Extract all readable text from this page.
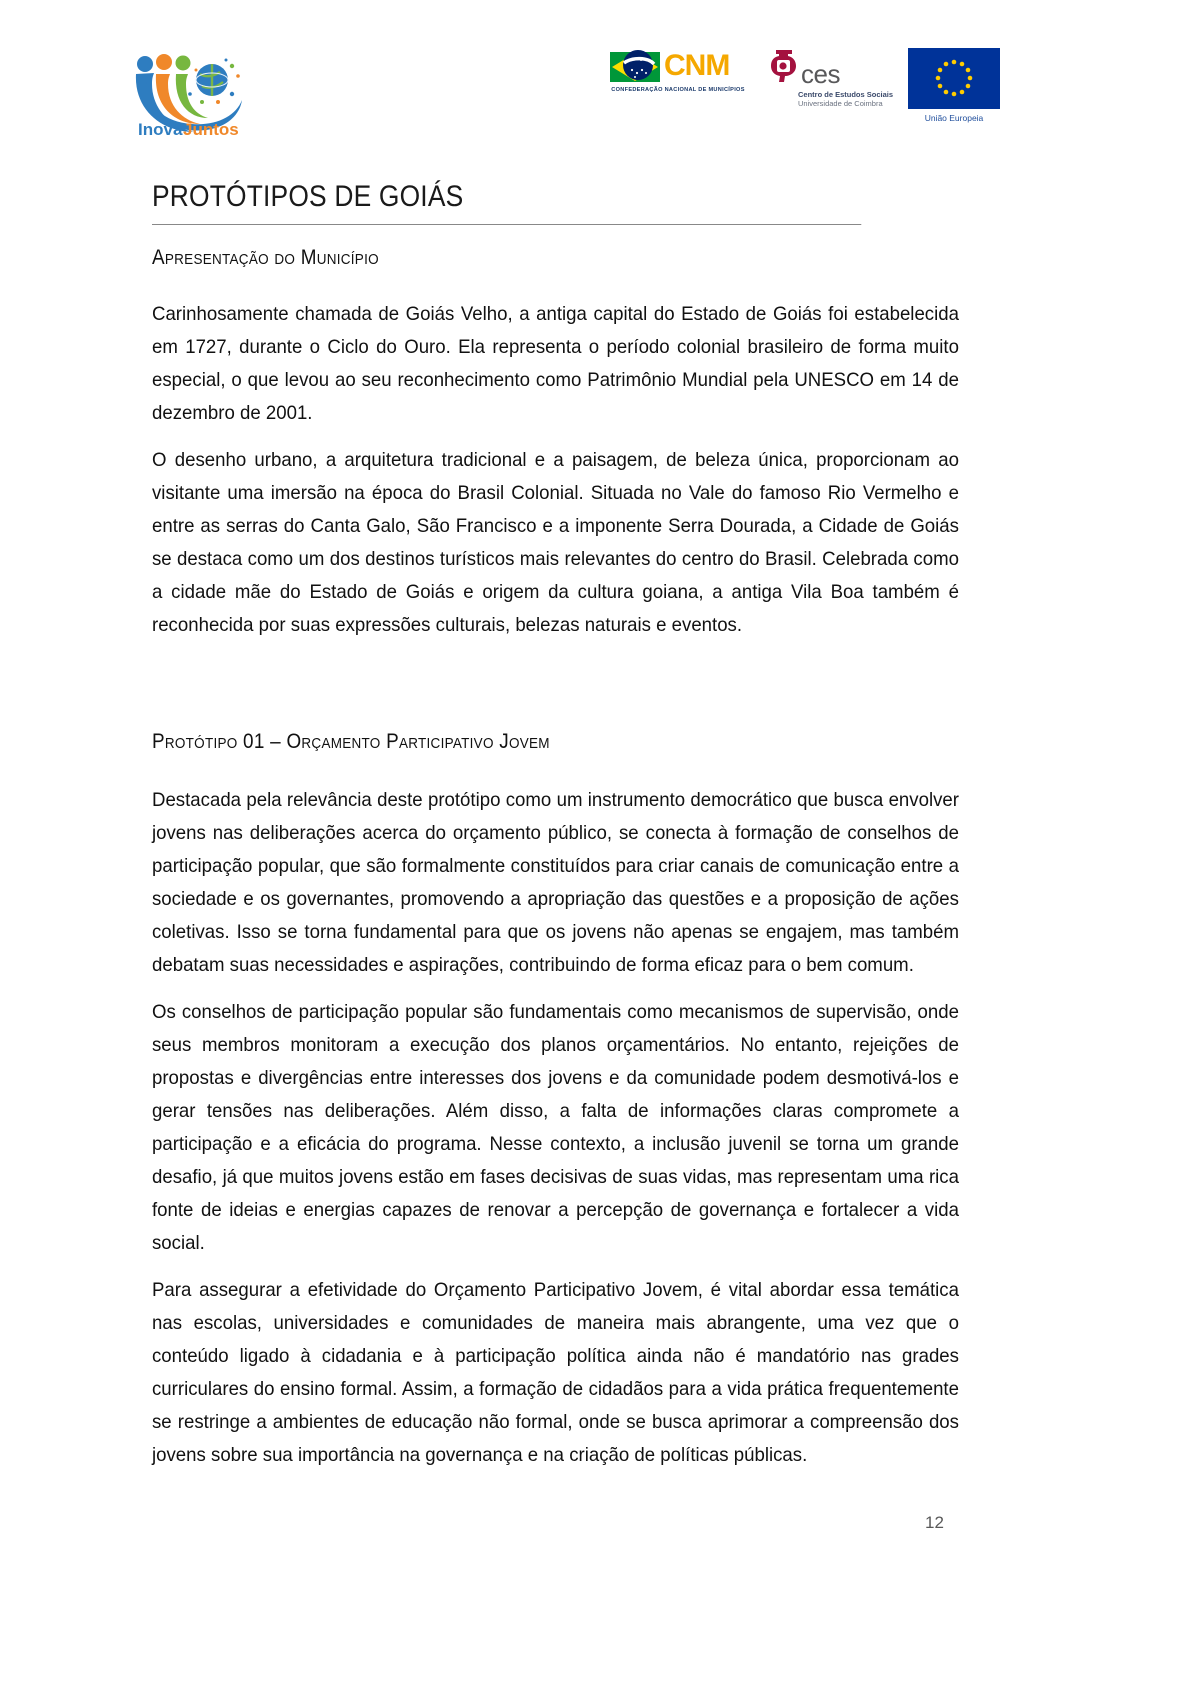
Inova Juntos
CNM
CONFEDERAÇÃO NACIONAL DE MUNICÍPIOS
ces
Centro de Estudos Sociais
Universidade de Coimbra
União Europeia
PROTÓTIPOS DE GOIÁS
Apresentação do Município

Carinhosamente chamada de Goiás Velho, a antiga capital do Estado de Goiás foi estabelecida em 1727, durante o Ciclo do Ouro. Ela representa o período colonial brasileiro de forma muito especial, o que levou ao seu reconhecimento como Patrimônio Mundial pela UNESCO em 14 de dezembro de 2001.

O desenho urbano, a arquitetura tradicional e a paisagem, de beleza única, proporcionam ao visitante uma imersão na época do Brasil Colonial. Situada no Vale do famoso Rio Vermelho e entre as serras do Canta Galo, São Francisco e a imponente Serra Dourada, a Cidade de Goiás se destaca como um dos destinos turísticos mais relevantes do centro do Brasil. Celebrada como a cidade mãe do Estado de Goiás e origem da cultura goiana, a antiga Vila Boa também é reconhecida por suas expressões culturais, belezas naturais e eventos.

Protótipo 01 – Orçamento Participativo Jovem

Destacada pela relevância deste protótipo como um instrumento democrático que busca envolver jovens nas deliberações acerca do orçamento público, se conecta à formação de conselhos de participação popular, que são formalmente constituídos para criar canais de comunicação entre a sociedade e os governantes, promovendo a apropriação das questões e a proposição de ações coletivas. Isso se torna fundamental para que os jovens não apenas se engajem, mas também debatam suas necessidades e aspirações, contribuindo de forma eficaz para o bem comum.

Os conselhos de participação popular são fundamentais como mecanismos de supervisão, onde seus membros monitoram a execução dos planos orçamentários. No entanto, rejeições de propostas e divergências entre interesses dos jovens e da comunidade podem desmotivá-los e gerar tensões nas deliberações. Além disso, a falta de informações claras compromete a participação e a eficácia do programa. Nesse contexto, a inclusão juvenil se torna um grande desafio, já que muitos jovens estão em fases decisivas de suas vidas, mas representam uma rica fonte de ideias e energias capazes de renovar a percepção de governança e fortalecer a vida social.

Para assegurar a efetividade do Orçamento Participativo Jovem, é vital abordar essa temática nas escolas, universidades e comunidades de maneira mais abrangente, uma vez que o conteúdo ligado à cidadania e à participação política ainda não é mandatório nas grades curriculares do ensino formal. Assim, a formação de cidadãos para a vida prática frequentemente se restringe a ambientes de educação não formal, onde se busca aprimorar a compreensão dos jovens sobre sua importância na governança e na criação de políticas públicas.

12
